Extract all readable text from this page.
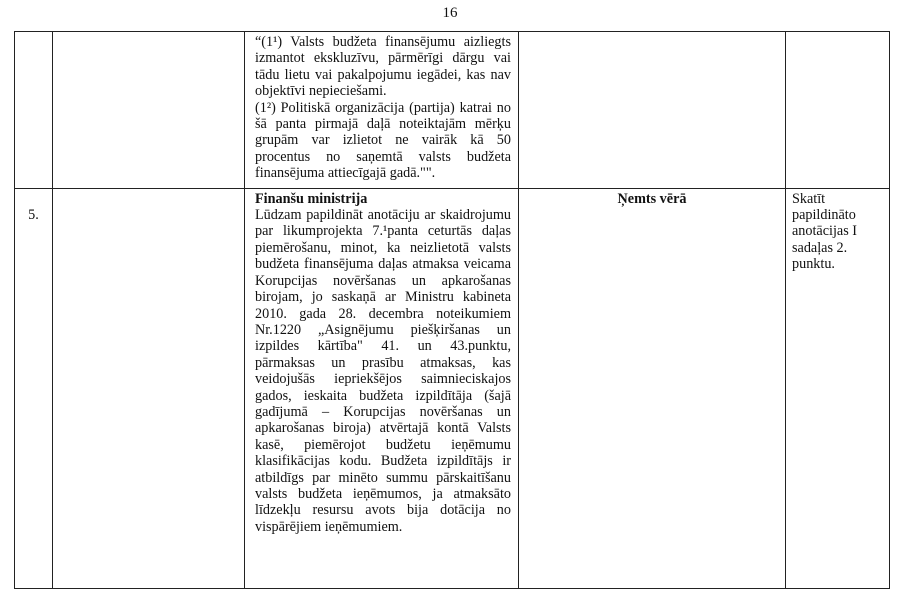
16

		“(1¹) Valsts budžeta finansējumu aizliegts izmantot ekskluzīvu, pārmērīgi dārgu vai tādu lietu vai pakalpojumu iegādei, kas nav objektīvi nepieciešami.

(1²) Politiskā organizācija (partija) katrai no šā panta pirmajā daļā noteiktajām mērķu grupām var izlietot ne vairāk kā 50 procentus no saņemtā valsts budžeta finansējuma attiecīgajā gadā."".		

5.		Finanšu ministrija

Lūdzam papildināt anotāciju ar skaidrojumu par likumprojekta 7.¹panta ceturtās daļas piemērošanu, minot, ka neizlietotā valsts budžeta finansējuma daļas atmaksa veicama Korupcijas novēršanas un apkarošanas birojam, jo saskaņā ar Ministru kabineta 2010. gada 28. decembra noteikumiem Nr.1220 „Asignējumu piešķiršanas un izpildes kārtība" 41. un 43.punktu, pārmaksas un prasību atmaksas, kas veidojušās iepriekšējos saimnieciskajos gados, ieskaita budžeta izpildītāja (šajā gadījumā – Korupcijas novēršanas un apkarošanas biroja) atvērtajā kontā Valsts kasē, piemērojot budžetu ieņēmumu klasifikācijas kodu. Budžeta izpildītājs ir atbildīgs par minēto summu pārskaitīšanu valsts budžeta ieņēmumos, ja atmaksāto līdzekļu resursu avots bija dotācija no vispārējiem ieņēmumiem.	Ņemts vērā	Skatīt papildināto anotācijas I sadaļas 2. punktu.
